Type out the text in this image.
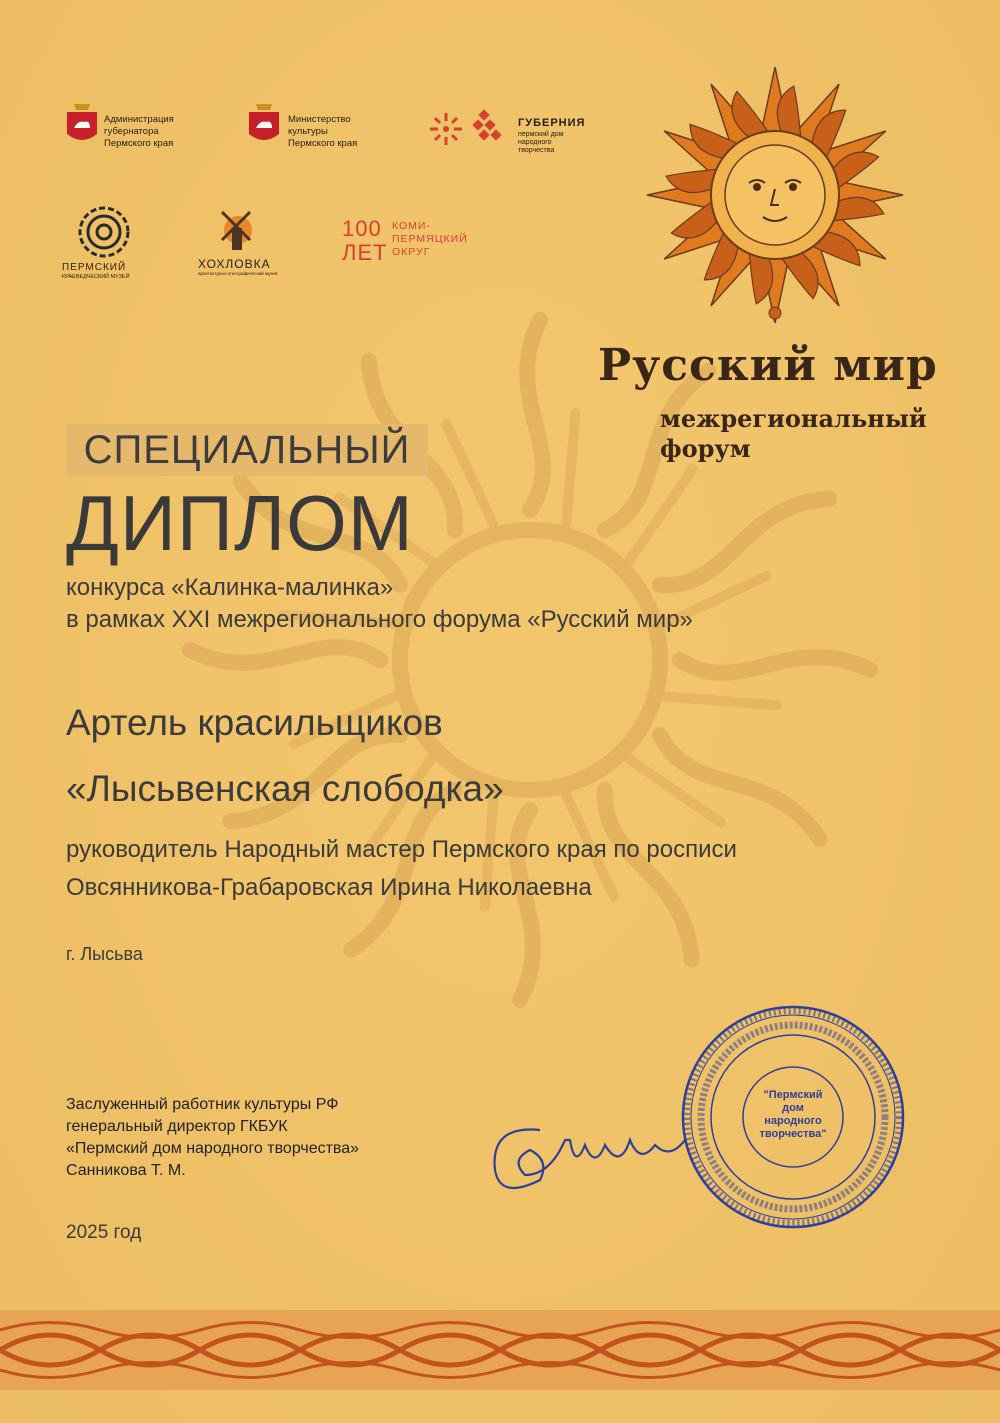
Администрация
губернатора
Пермского края
Министерство
культуры
Пермского края
ГУБЕРНИЯ
пермский дом
народного
творчества
ПЕРМСКИЙ
КРАЕВЕДЧЕСКИЙ МУЗЕЙ
ХОХЛОВКА
архитектурно-этнографический музей
100
ЛЕТ
КОМИ-
ПЕРМЯЦКИЙ
ОКРУГ
Русский мир
межрегиональный
форум
СПЕЦИАЛЬНЫЙ
ДИПЛОМ
конкурса «Калинка-малинка»
в рамках XXI межрегионального форума «Русский мир»
Артель красильщиков
«Лысьвенская слободка»
руководитель Народный мастер Пермского края по росписи
Овсянникова-Грабаровская Ирина Николаевна
г. Лысьва
Заслуженный работник культуры РФ
генеральный директор ГКБУК
«Пермский дом народного творчества»
Санникова Т. М.
2025 год
"Пермский
дом
народного
творчества"
